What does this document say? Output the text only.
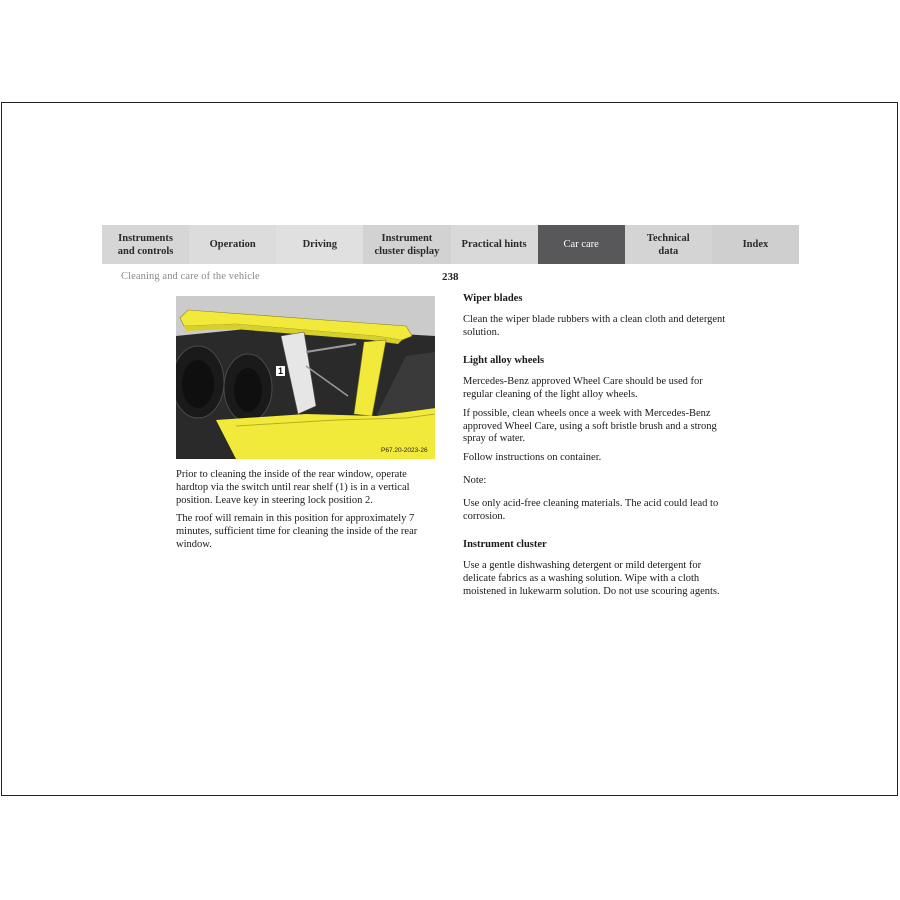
Instruments
and controls
Operation	Driving
Instrument
cluster display
Practical hints	Car care
Technical
data
Index
Cleaning and care of the vehicle	238
1
P67.20-2023-26

Prior to cleaning the inside of the rear window, operate hardtop via the switch until rear shelf (1) is in a vertical position. Leave key in steering lock position 2.

The roof will remain in this position for approximately 7 minutes, sufficient time for cleaning the inside of the rear window.

Wiper blades

Clean the wiper blade rubbers with a clean cloth and detergent solution.

Light alloy wheels

Mercedes-Benz approved Wheel Care should be used for regular cleaning of the light alloy wheels.

If possible, clean wheels once a week with Mercedes-Benz approved Wheel Care, using a soft bristle brush and a strong spray of water.

Follow instructions on container.

Note:

Use only acid-free cleaning materials. The acid could lead to corrosion.

Instrument cluster

Use a gentle dishwashing detergent or mild detergent for delicate fabrics as a washing solution. Wipe with a cloth moistened in lukewarm solution. Do not use scouring agents.
